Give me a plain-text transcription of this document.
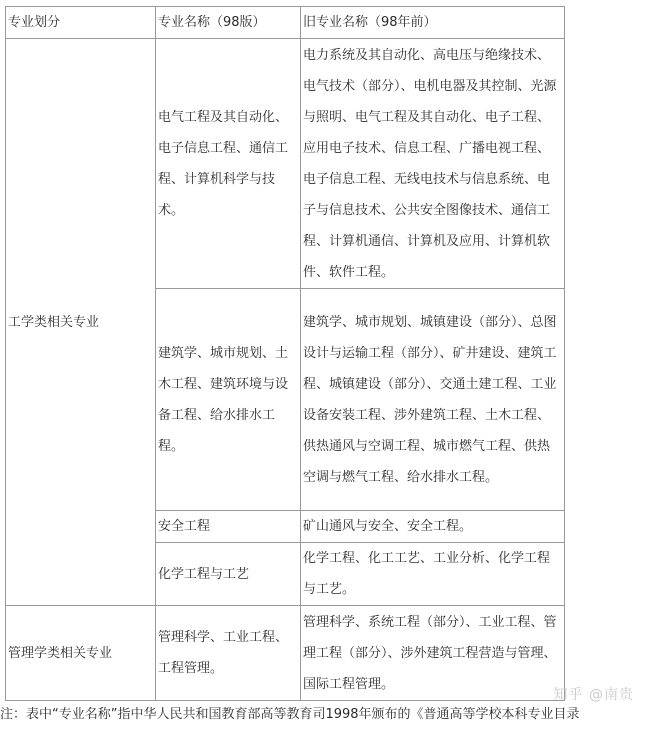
专业划分	专业名称（98版）	旧专业名称（98年前）
工学类相关专业	电气工程及其自动化、电子信息工程、通信工程、计算机科学与技术。	电力系统及其自动化、高电压与绝缘技术、电气技术（部分）、电机电器及其控制、光源与照明、电气工程及其自动化、电子工程、应用电子技术、信息工程、广播电视工程、电子信息工程、无线电技术与信息系统、电子与信息技术、公共安全图像技术、通信工程、计算机通信、计算机及应用、计算机软件、软件工程。
	建筑学、城市规划、土木工程、建筑环境与设备工程、给水排水工程。	建筑学、城市规划、城镇建设（部分）、总图设计与运输工程（部分）、矿井建设、建筑工程、城镇建设（部分）、交通土建工程、工业设备安装工程、涉外建筑工程、土木工程、供热通风与空调工程、城市燃气工程、供热空调与燃气工程、给水排水工程。
	安全工程	矿山通风与安全、安全工程。
	化学工程与工艺	化学工程、化工工艺、工业分析、化学工程与工艺。
管理学类相关专业	管理科学、工业工程、工程管理。	管理科学、系统工程（部分）、工业工程、管理工程（部分）、涉外建筑工程营造与管理、国际工程管理。
知乎 @南贵
注：表中“专业名称”指中华人民共和国教育部高等教育司1998年颁布的《普通高等学校本科专业目录
